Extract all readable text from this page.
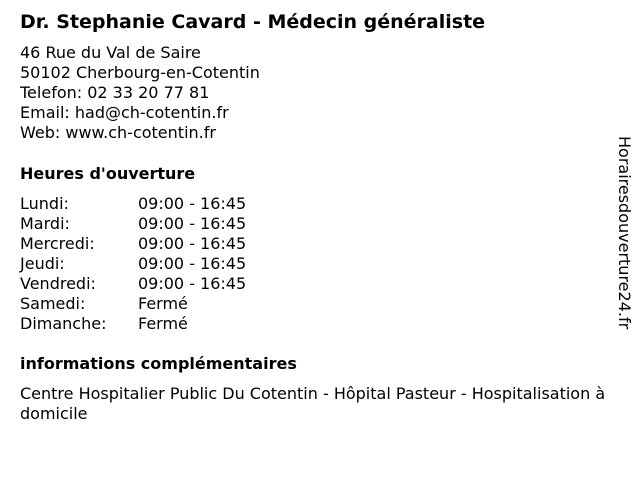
Dr. Stephanie Cavard - Médecin généraliste
46 Rue du Val de Saire
50102 Cherbourg-en-Cotentin
Telefon: 02 33 20 77 81
Email: had@ch-cotentin.fr
Web: www.ch-cotentin.fr
Heures d'ouverture
Lundi:	09:00 - 16:45
Mardi:	09:00 - 16:45
Mercredi:	09:00 - 16:45
Jeudi:	09:00 - 16:45
Vendredi:	09:00 - 16:45
Samedi:	Fermé
Dimanche:	Fermé
informations complémentaires
Centre Hospitalier Public Du Cotentin - Hôpital Pasteur - Hospitalisation à domicile
Horairesdouverture24.fr
